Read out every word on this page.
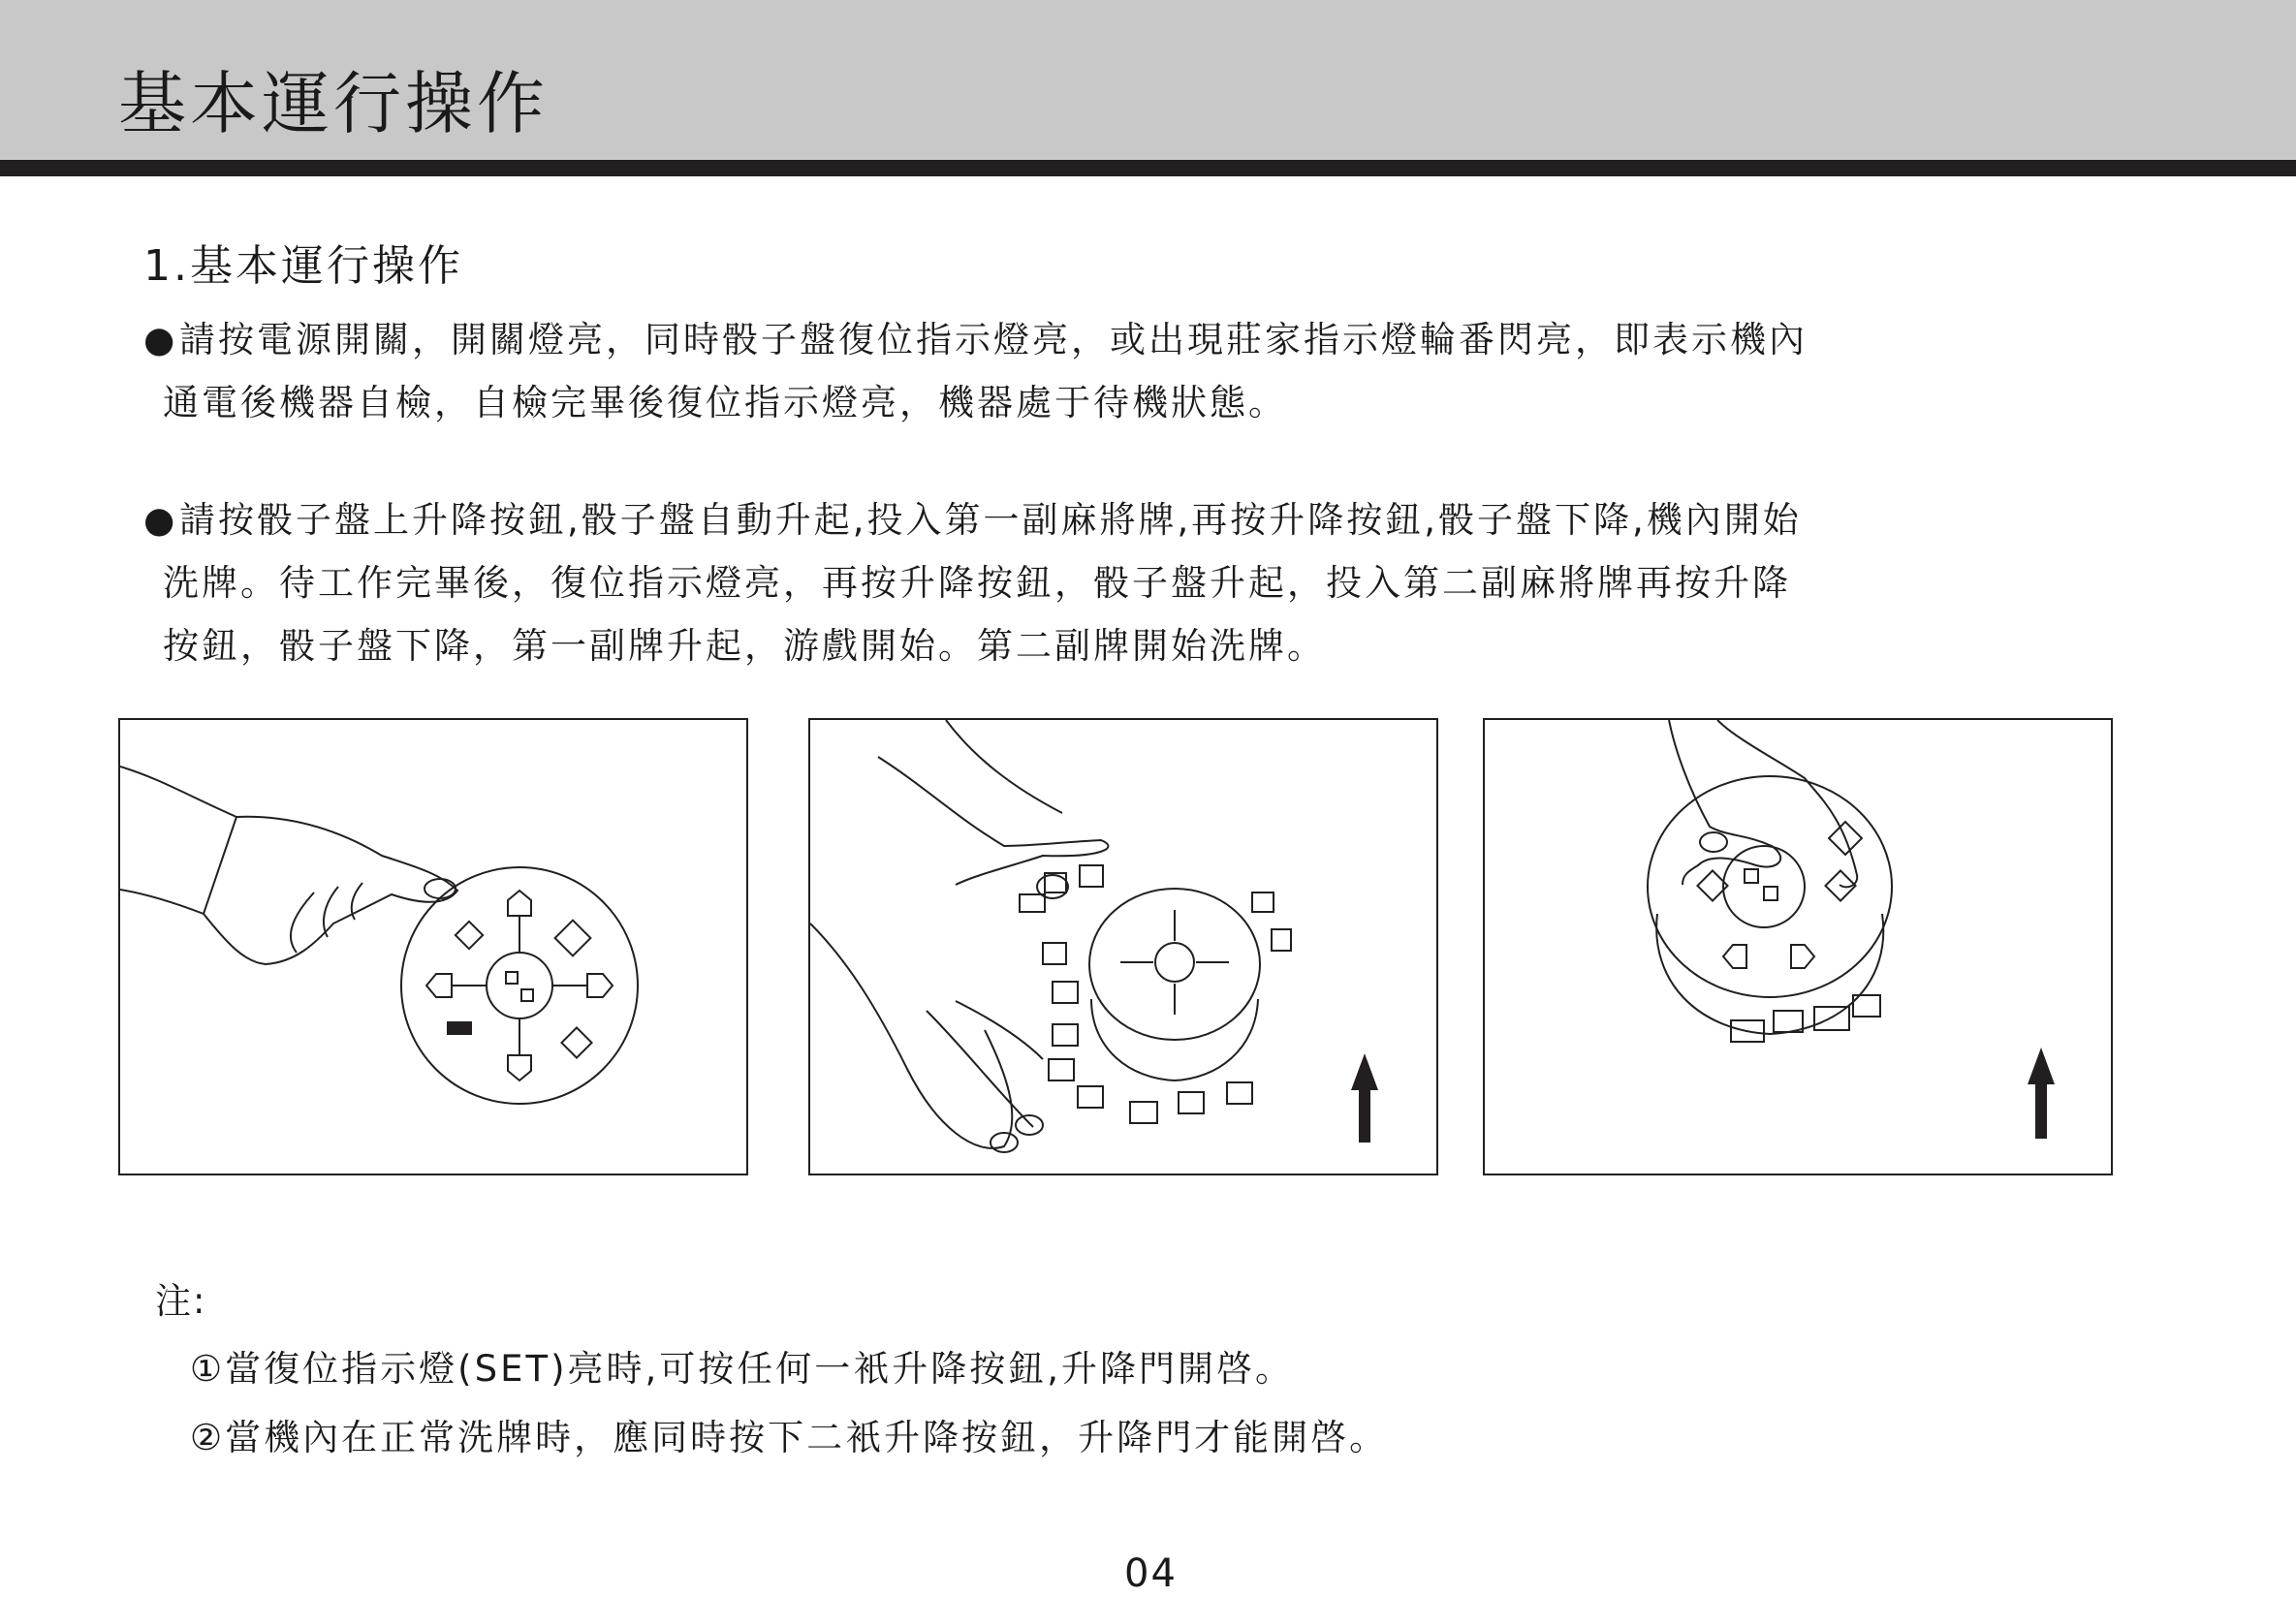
基本運行操作
1.基本運行操作
●請按電源開關，開關燈亮，同時骰子盤復位指示燈亮，或出現莊家指示燈輪番閃亮，即表示機內
通電後機器自檢，自檢完畢後復位指示燈亮，機器處于待機狀態。
●請按骰子盤上升降按鈕,骰子盤自動升起,投入第一副麻將牌,再按升降按鈕,骰子盤下降,機內開始
洗牌。待工作完畢後，復位指示燈亮，再按升降按鈕，骰子盤升起，投入第二副麻將牌再按升降
按鈕，骰子盤下降，第一副牌升起，游戲開始。第二副牌開始洗牌。
注:
①當復位指示燈(SET)亮時,可按任何一衹升降按鈕,升降門開啓。
②當機內在正常洗牌時，應同時按下二衹升降按鈕，升降門才能開啓。
04
